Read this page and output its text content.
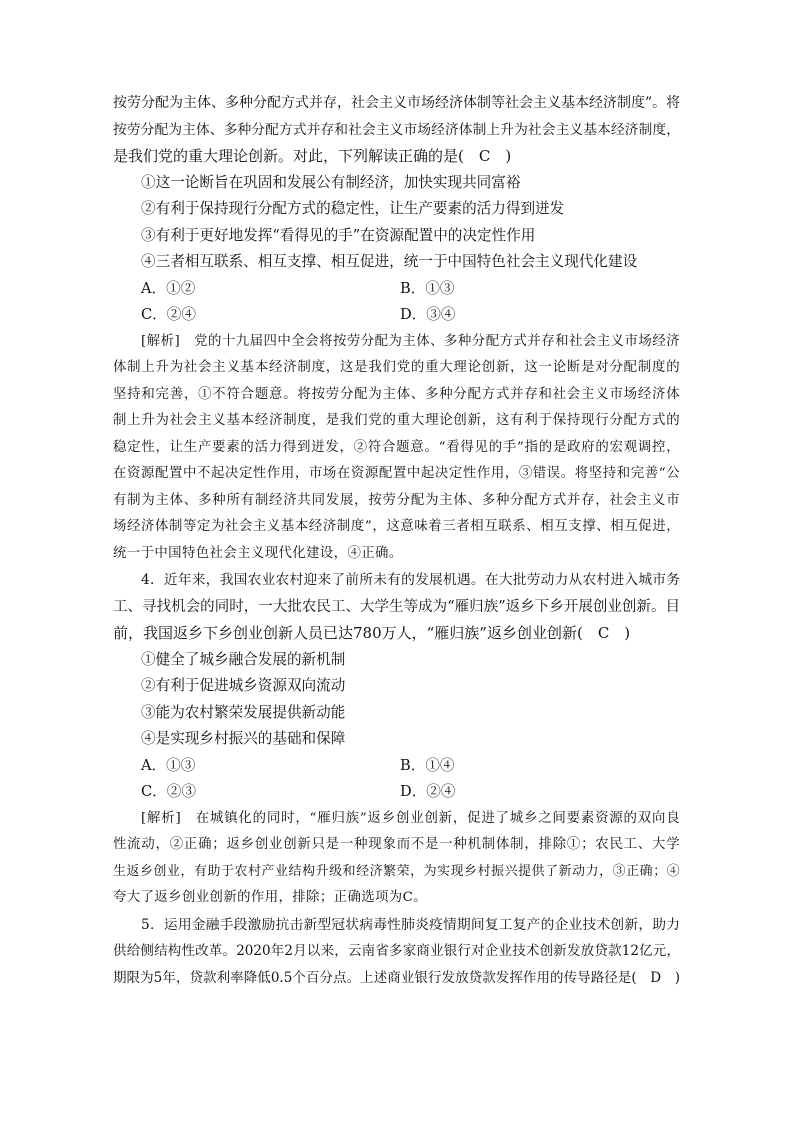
按劳分配为主体、多种分配方式并存，社会主义市场经济体制等社会主义基本经济制度”。将
按劳分配为主体、多种分配方式并存和社会主义市场经济体制上升为社会主义基本经济制度，
是我们党的重大理论创新。对此，下列解读正确的是(　C　)
①这一论断旨在巩固和发展公有制经济，加快实现共同富裕
②有利于保持现行分配方式的稳定性，让生产要素的活力得到迸发
③有利于更好地发挥“看得见的手”在资源配置中的决定性作用
④三者相互联系、相互支撑、相互促进，统一于中国特色社会主义现代化建设
A．①②	B．①③
C．②④	D．③④
[解析]　党的十九届四中全会将按劳分配为主体、多种分配方式并存和社会主义市场经济
体制上升为社会主义基本经济制度，这是我们党的重大理论创新，这一论断是对分配制度的
坚持和完善，①不符合题意。将按劳分配为主体、多种分配方式并存和社会主义市场经济体
制上升为社会主义基本经济制度，是我们党的重大理论创新，这有利于保持现行分配方式的
稳定性，让生产要素的活力得到迸发，②符合题意。“看得见的手”指的是政府的宏观调控，
在资源配置中不起决定性作用，市场在资源配置中起决定性作用，③错误。将坚持和完善“公
有制为主体、多种所有制经济共同发展，按劳分配为主体、多种分配方式并存，社会主义市
场经济体制等定为社会主义基本经济制度”，这意味着三者相互联系、相互支撑、相互促进，
统一于中国特色社会主义现代化建设，④正确。
4．近年来，我国农业农村迎来了前所未有的发展机遇。在大批劳动力从农村进入城市务
工、寻找机会的同时，一大批农民工、大学生等成为“雁归族”返乡下乡开展创业创新。目
前，我国返乡下乡创业创新人员已达780万人，“雁归族”返乡创业创新(　C　)
①健全了城乡融合发展的新机制
②有利于促进城乡资源双向流动
③能为农村繁荣发展提供新动能
④是实现乡村振兴的基础和保障
A．①③	B．①④
C．②③	D．②④
[解析]　在城镇化的同时，“雁归族”返乡创业创新，促进了城乡之间要素资源的双向良
性流动，②正确；返乡创业创新只是一种现象而不是一种机制体制，排除①；农民工、大学
生返乡创业，有助于农村产业结构升级和经济繁荣，为实现乡村振兴提供了新动力，③正确；④
夸大了返乡创业创新的作用，排除；正确选项为C。
5．运用金融手段激励抗击新型冠状病毒性肺炎疫情期间复工复产的企业技术创新，助力
供给侧结构性改革。2020年2月以来，云南省多家商业银行对企业技术创新发放贷款12亿元，
期限为5年，贷款利率降低0.5个百分点。上述商业银行发放贷款发挥作用的传导路径是(　D　)
